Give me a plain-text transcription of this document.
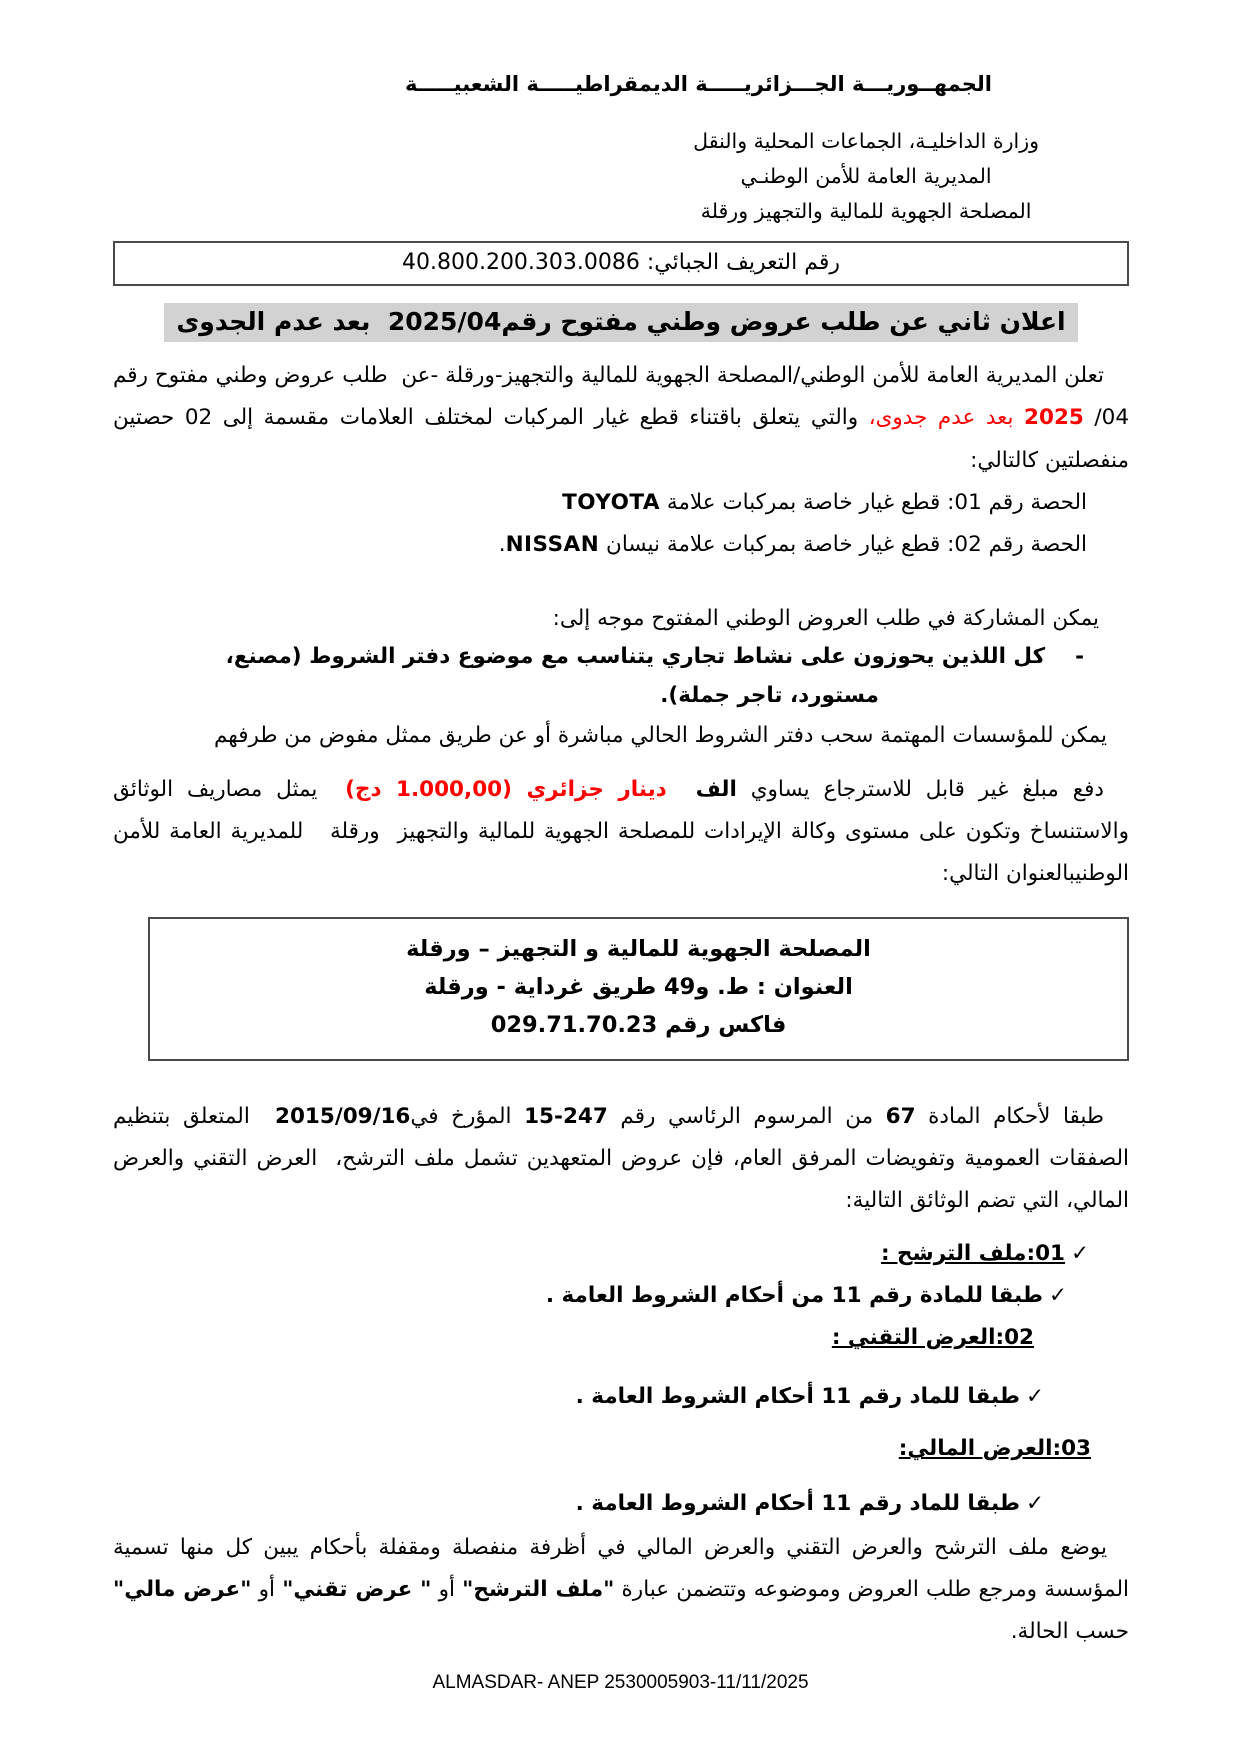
الجمهــوريـــة الجـــزائريـــــة الديمقراطيـــــة الشعبيـــــة
وزارة الداخليـة، الجماعات المحلية والنقل
المديرية العامة للأمن الوطنـي
المصلحة الجهوية للمالية والتجهيز ورقلة
رقم التعريف الجبائي: 40.800.200.303.0086
اعلان ثاني عن طلب عروض وطني مفتوح رقم2025/04  بعد عدم الجدوى

تعلن المديرية العامة للأمن الوطني/المصلحة الجهوية للمالية والتجهيز-ورقلة -عن  طلب عروض وطني مفتوح رقم 04/ 2025 بعد عدم جدوى، والتي يتعلق باقتناء قطع غيار المركبات لمختلف العلامات مقسمة إلى 02 حصتين منفصلتين كالتالي:

الحصة رقم 01: قطع غيار خاصة بمركبات علامة TOYOTA

الحصة رقم 02: قطع غيار خاصة بمركبات علامة نيسان NISSAN.

يمكن المشاركة في طلب العروض الوطني المفتوح موجه إلى:

-    كل اللذين يحوزون على نشاط تجاري يتناسب مع موضوع دفتر الشروط (مصنع، مستورد، تاجر جملة).

يمكن للمؤسسات المهتمة سحب دفتر الشروط الحالي مباشرة أو عن طريق ممثل مفوض من طرفهم

دفع مبلغ غير قابل للاسترجاع يساوي الف  دينار جزائري (1.000,00 دج)  يمثل مصاريف الوثائق والاستنساخ وتكون على مستوى وكالة الإيرادات للمصلحة الجهوية للمالية والتجهيز  ورقلة   للمديرية العامة للأمن الوطنيبالعنوان التالي:

المصلحة الجهوية للمالية و التجهيز – ورقلة
العنوان : ط. و49 طريق غرداية - ورقلة
فاكس رقم 029.71.70.23

طبقا لأحكام المادة 67 من المرسوم الرئاسي رقم 247-15 المؤرخ في2015/09/16  المتعلق بتنظيم الصفقات العمومية وتفويضات المرفق العام، فإن عروض المتعهدين تشمل ملف الترشح،  العرض التقني والعرض المالي، التي تضم الوثائق التالية:

✓01:ملف الترشح :

✓طبقا للمادة رقم 11 من أحكام الشروط العامة .

02:العرض التقني :

✓طبقا للماد رقم 11 أحكام الشروط العامة .

03:العرض المالي:

✓طبقا للماد رقم 11 أحكام الشروط العامة .

يوضع ملف الترشح والعرض التقني والعرض المالي في أظرفة منفصلة ومقفلة بأحكام يبين كل منها تسمية المؤسسة ومرجع طلب العروض وموضوعه وتتضمن عبارة "ملف الترشح" أو " عرض تقني" أو "عرض مالي" حسب الحالة.

ALMASDAR- ANEP 2530005903-11/11/2025
